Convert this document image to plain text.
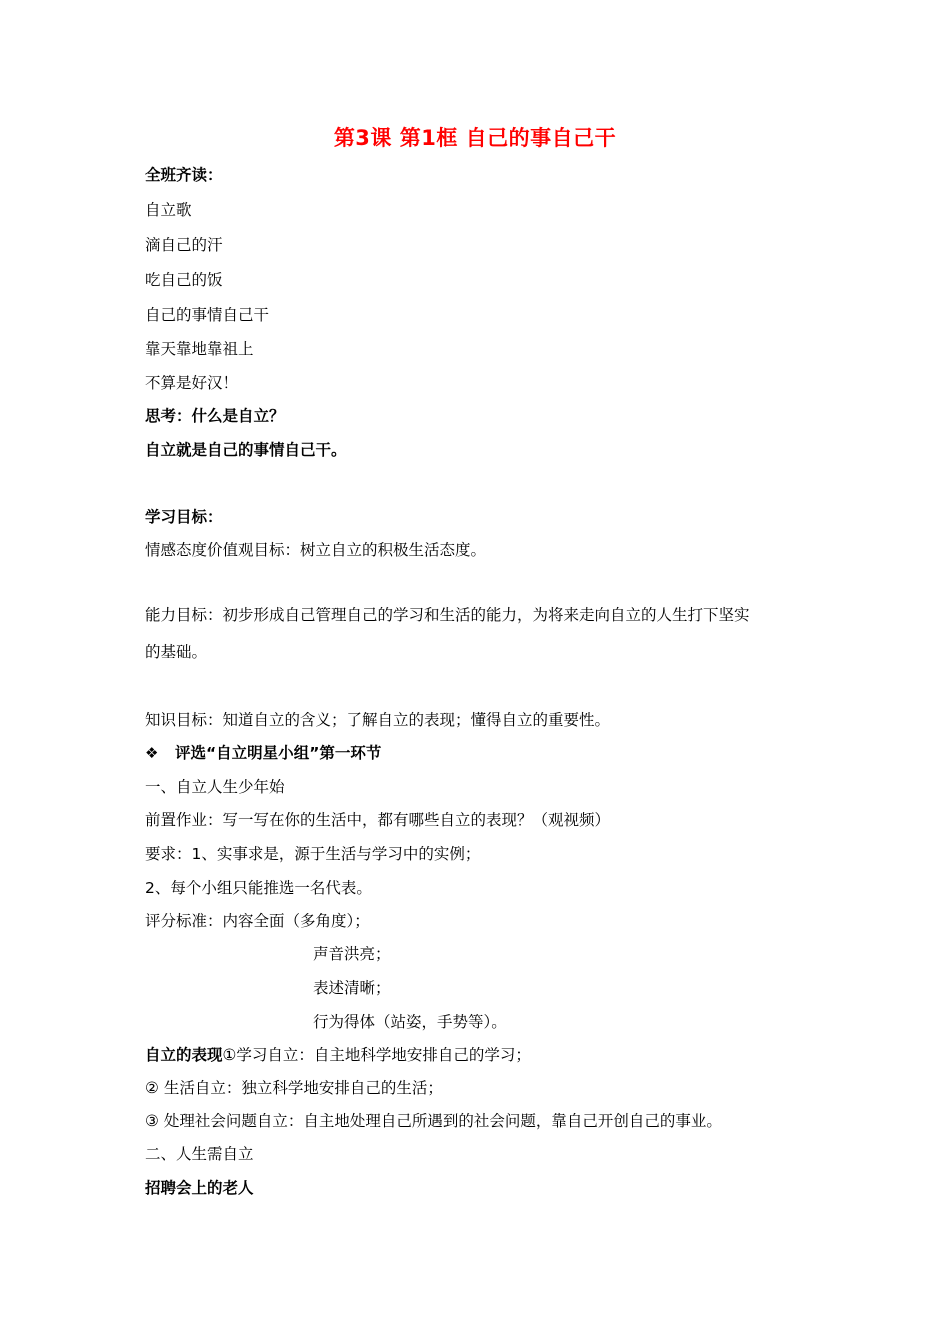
第3课 第1框 自己的事自己干
全班齐读：
自立歌
滴自己的汗
吃自己的饭
自己的事情自己干
靠天靠地靠祖上
不算是好汉！
思考：什么是自立？
自立就是自己的事情自己干。
学习目标：
情感态度价值观目标：树立自立的积极生活态度。
能力目标：初步形成自己管理自己的学习和生活的能力，为将来走向自立的人生打下坚实
的基础。
知识目标：知道自立的含义；了解自立的表现；懂得自立的重要性。
❖ 评选“自立明星小组”第一环节
一、自立人生少年始
前置作业：写一写在你的生活中，都有哪些自立的表现？（观视频）
要求：1、实事求是，源于生活与学习中的实例；
2、每个小组只能推选一名代表。
评分标准：内容全面（多角度）；
声音洪亮；
表述清晰；
行为得体（站姿，手势等）。
自立的表现①学习自立：自主地科学地安排自己的学习；
② 生活自立：独立科学地安排自己的生活；
③ 处理社会问题自立：自主地处理自己所遇到的社会问题，靠自己开创自己的事业。
二、人生需自立
招聘会上的老人
